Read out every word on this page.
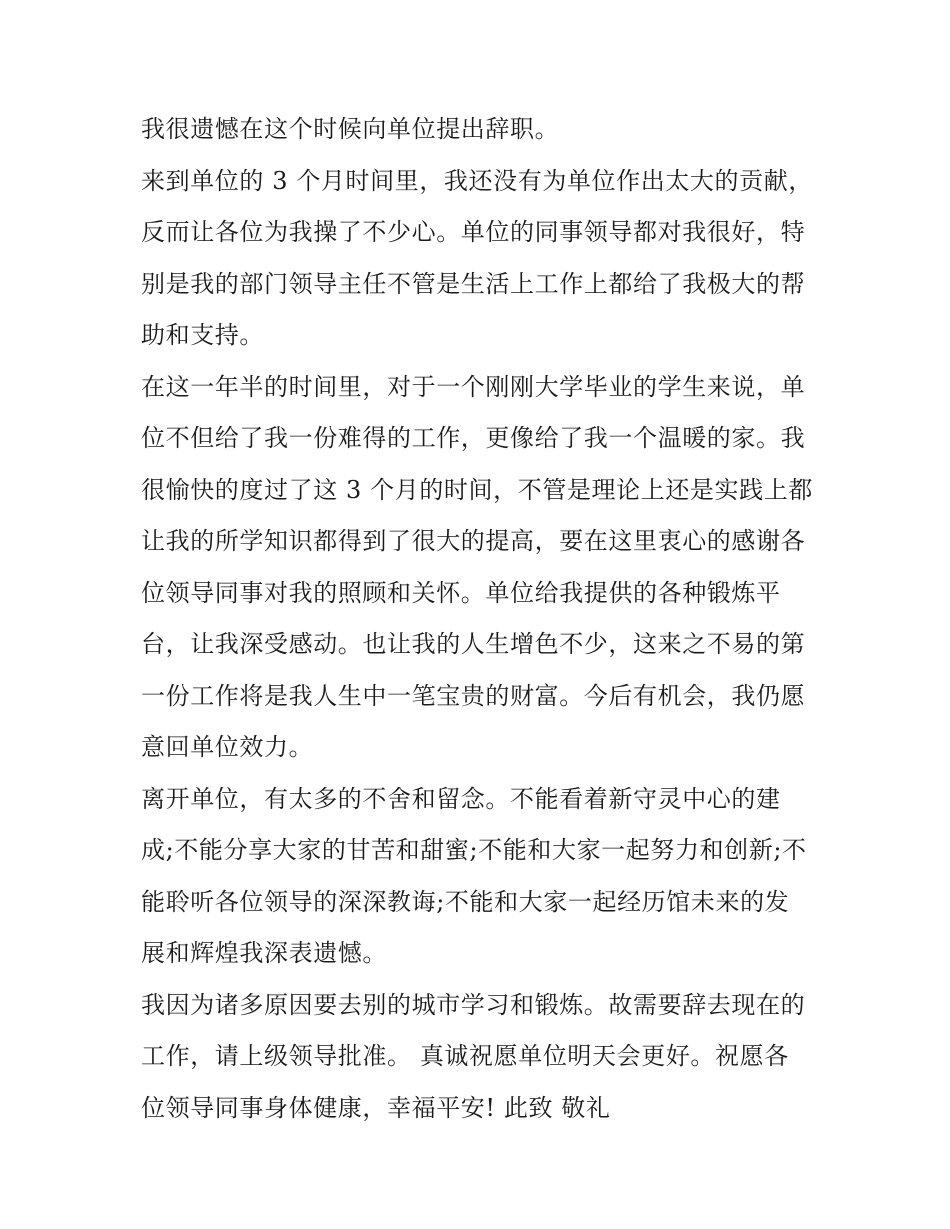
我很遗憾在这个时候向单位提出辞职。
来到单位的 3 个月时间里，我还没有为单位作出太大的贡献，
反而让各位为我操了不少心。单位的同事领导都对我很好，特
别是我的部门领导主任不管是生活上工作上都给了我极大的帮
助和支持。
在这一年半的时间里，对于一个刚刚大学毕业的学生来说，单
位不但给了我一份难得的工作，更像给了我一个温暖的家。我
很愉快的度过了这 3 个月的时间，不管是理论上还是实践上都
让我的所学知识都得到了很大的提高，要在这里衷心的感谢各
位领导同事对我的照顾和关怀。单位给我提供的各种锻炼平
台，让我深受感动。也让我的人生增色不少，这来之不易的第
一份工作将是我人生中一笔宝贵的财富。今后有机会，我仍愿
意回单位效力。
离开单位，有太多的不舍和留念。不能看着新守灵中心的建
成;不能分享大家的甘苦和甜蜜;不能和大家一起努力和创新;不
能聆听各位领导的深深教诲;不能和大家一起经历馆未来的发
展和辉煌我深表遗憾。
我因为诸多原因要去别的城市学习和锻炼。故需要辞去现在的
工作，请上级领导批准。 真诚祝愿单位明天会更好。祝愿各
位领导同事身体健康，幸福平安! 此致 敬礼
